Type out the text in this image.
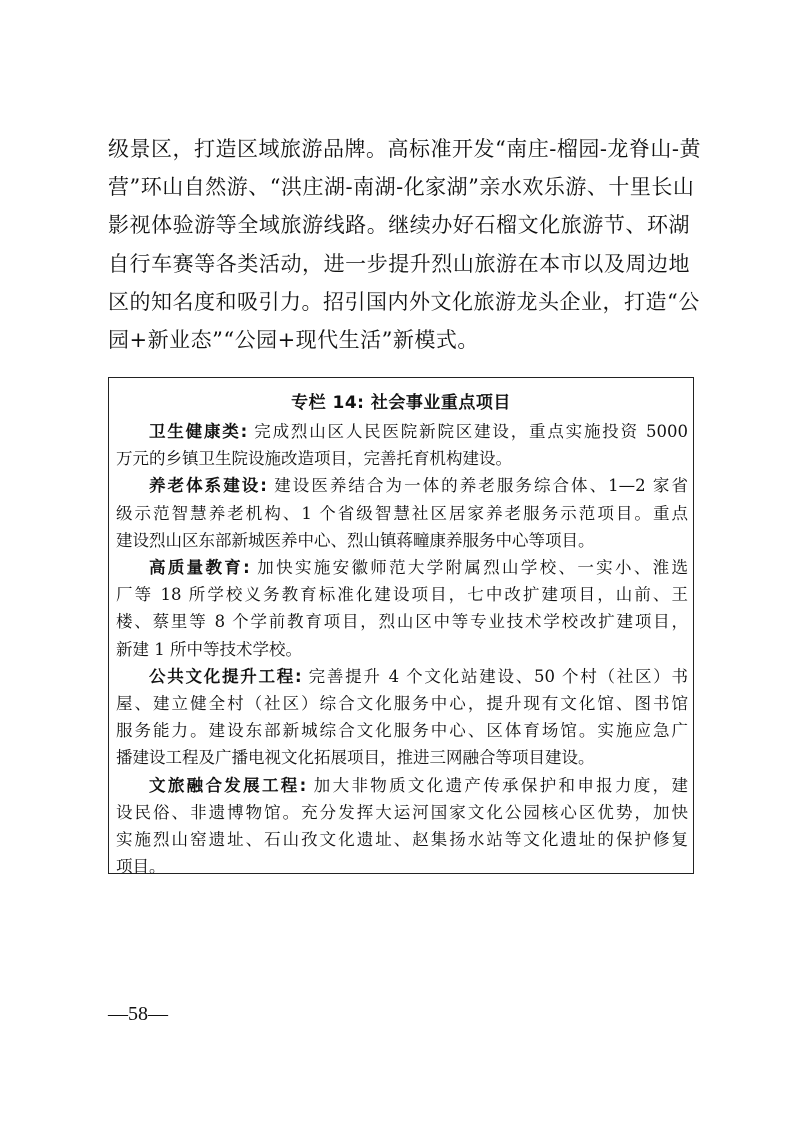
级景区，打造区域旅游品牌。高标准开发“南庄-榴园-龙脊山-黄
营”环山自然游、“洪庄湖-南湖-化家湖”亲水欢乐游、十里长山
影视体验游等全域旅游线路。继续办好石榴文化旅游节、环湖
自行车赛等各类活动，进一步提升烈山旅游在本市以及周边地
区的知名度和吸引力。招引国内外文化旅游龙头企业，打造“公
园+新业态”“公园+现代生活”新模式。
专栏 14: 社会事业重点项目
卫生健康类: 完成烈山区人民医院新院区建设，重点实施投资 5000
万元的乡镇卫生院设施改造项目，完善托育机构建设。
养老体系建设: 建设医养结合为一体的养老服务综合体、1—2 家省
级示范智慧养老机构、1 个省级智慧社区居家养老服务示范项目。重点
建设烈山区东部新城医养中心、烈山镇蒋疃康养服务中心等项目。
高质量教育: 加快实施安徽师范大学附属烈山学校、一实小、淮选
厂等 18 所学校义务教育标准化建设项目，七中改扩建项目，山前、王
楼、蔡里等 8 个学前教育项目，烈山区中等专业技术学校改扩建项目，
新建 1 所中等技术学校。
公共文化提升工程: 完善提升 4 个文化站建设、50 个村（社区）书
屋、建立健全村（社区）综合文化服务中心，提升现有文化馆、图书馆
服务能力。建设东部新城综合文化服务中心、区体育场馆。实施应急广
播建设工程及广播电视文化拓展项目，推进三网融合等项目建设。
文旅融合发展工程: 加大非物质文化遗产传承保护和申报力度，建
设民俗、非遗博物馆。充分发挥大运河国家文化公园核心区优势，加快
实施烈山窑遗址、石山孜文化遗址、赵集扬水站等文化遗址的保护修复
项目。
—58—
